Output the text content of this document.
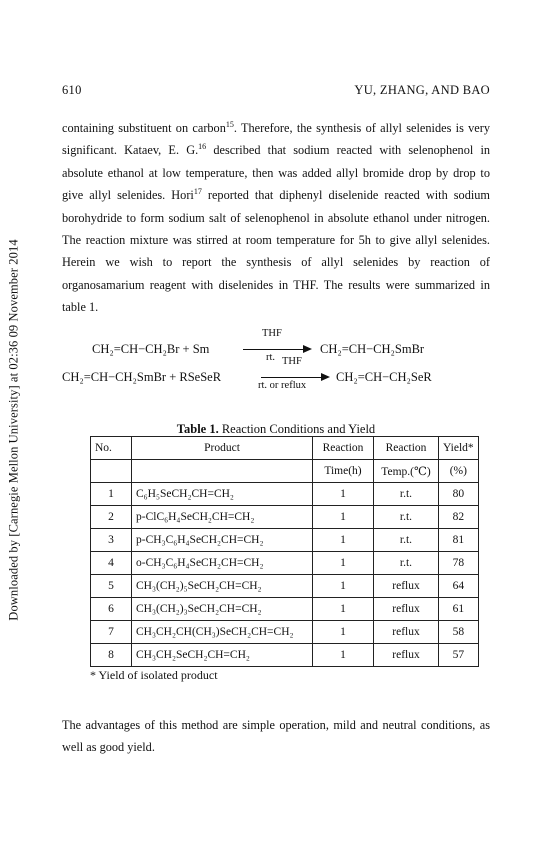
Downloaded by [Carnegie Mellon University] at 02:36 09 November 2014
610	YU, ZHANG, AND BAO

containing substituent on carbon$^{15}$. Therefore, the synthesis of allyl selenides is very significant. Kataev, E. G.$^{16}$ described that sodium reacted with selenophenol in absolute ethanol at low temperature, then was added allyl bromide drop by drop to give allyl selenides. Hori$^{17}$ reported that diphenyl diselenide reacted with sodium borohydride to form sodium salt of selenophenol in absolute ethanol under nitrogen. The reaction mixture was stirred at room temperature for 5h to give allyl selenides. Herein we wish to report the synthesis of allyl selenides by reaction of organosamarium reagent with diselenides in THF. The results were summarized in table 1.

CH₂=CH−CH₂Br + Sm
THF
rt.
CH₂=CH−CH₂SmBr
CH₂=CH−CH₂SmBr + RSeSeR
THF
rt. or reflux
CH₂=CH−CH₂SeR
Table 1. Reaction Conditions and Yield
No.	Product	Reaction	Reaction	Yield*
		Time(h)	Temp.(℃)	(%)
1	C₆H₅SeCH₂CH=CH₂	1	r.t.	80
2	p-ClC₆H₄SeCH₂CH=CH₂	1	r.t.	82
3	p-CH₃C₆H₄SeCH₂CH=CH₂	1	r.t.	81
4	o-CH₃C₆H₄SeCH₂CH=CH₂	1	r.t.	78
5	CH₃(CH₂)₅SeCH₂CH=CH₂	1	reflux	64
6	CH₃(CH₂)₃SeCH₂CH=CH₂	1	reflux	61
7	CH₃CH₂CH(CH₃)SeCH₂CH=CH₂	1	reflux	58
8	CH₃CH₂SeCH₂CH=CH₂	1	reflux	57
* Yield of isolated product

The advantages of this method are simple operation, mild and neutral conditions, as well as good yield.
